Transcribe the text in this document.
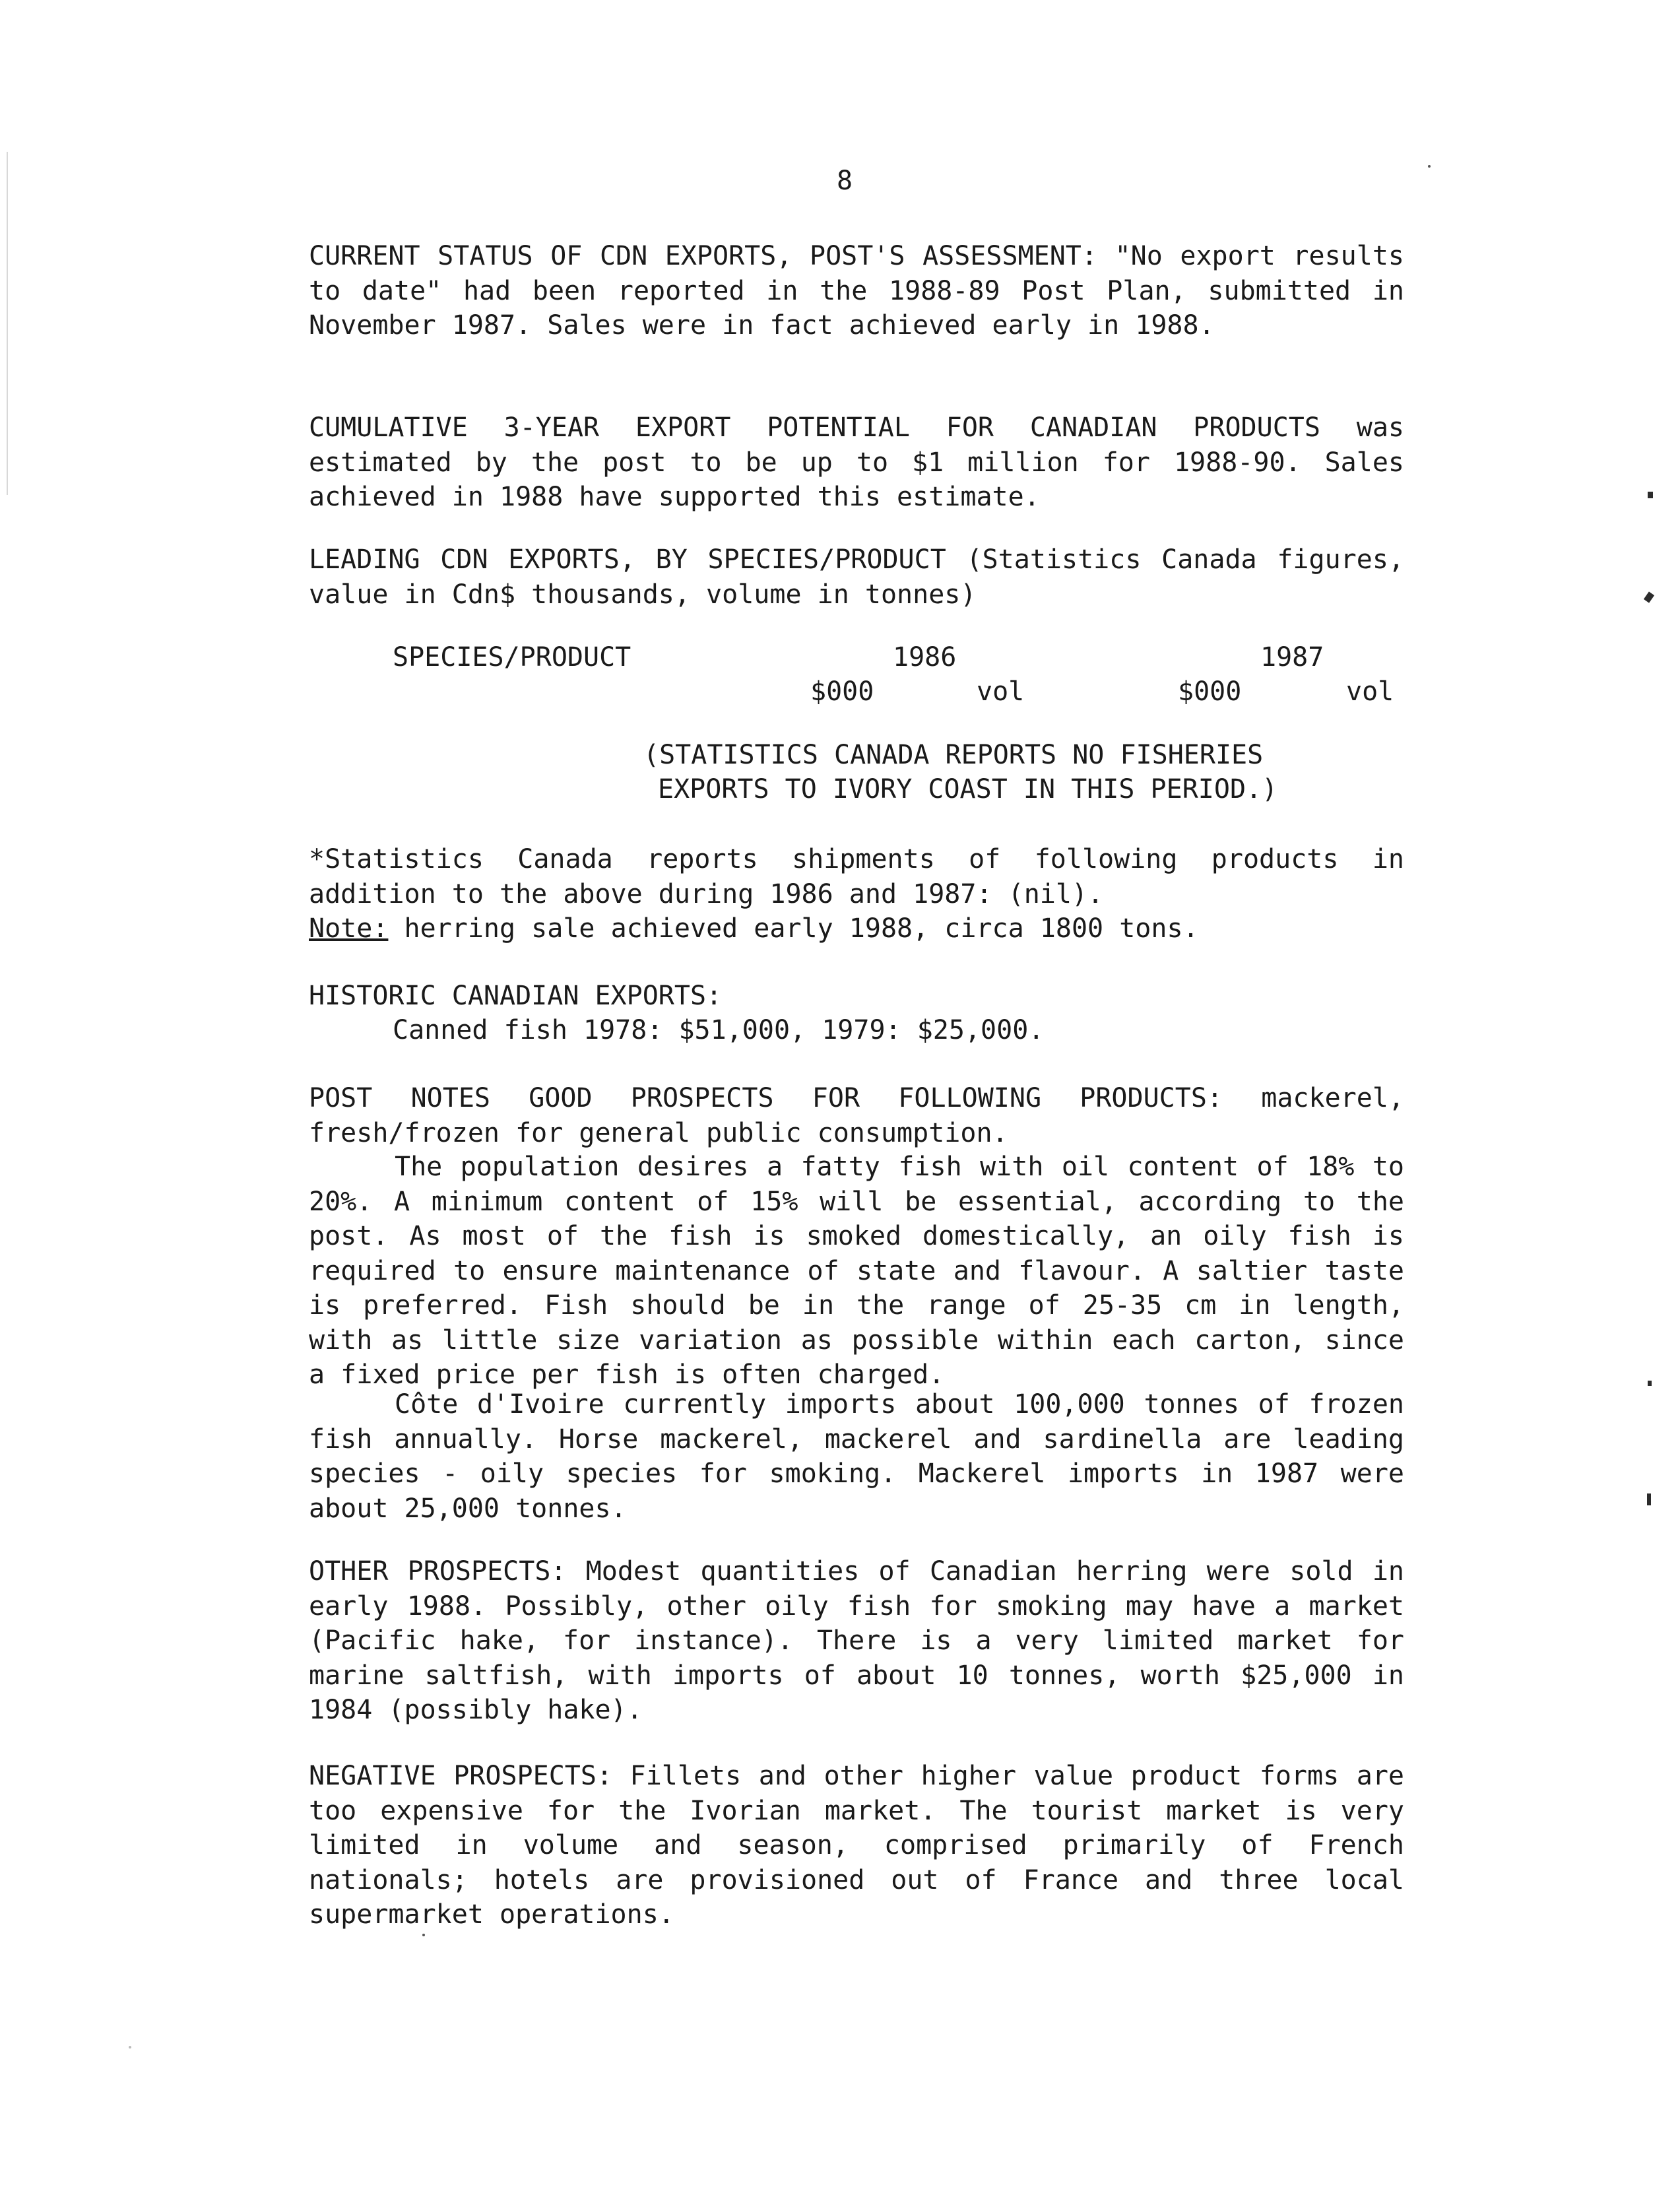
8

CURRENT STATUS OF CDN EXPORTS, POST'S ASSESSMENT: "No export results to date" had been reported in the 1988-89 Post Plan, submitted in November 1987. Sales were in fact achieved early in 1988.

CUMULATIVE 3-YEAR EXPORT POTENTIAL FOR CANADIAN PRODUCTS was estimated by the post to be up to $1 million for 1988-90. Sales achieved in 1988 have supported this estimate.

LEADING CDN EXPORTS, BY SPECIES/PRODUCT (Statistics Canada figures, value in Cdn$ thousands, volume in tonnes)

SPECIES/PRODUCT	1986	1987
$000	vol	$000	vol
(STATISTICS CANADA REPORTS NO FISHERIES
EXPORTS TO IVORY COAST IN THIS PERIOD.)

*Statistics Canada reports shipments of following products in addition to the above during 1986 and 1987: (nil).

Note: herring sale achieved early 1988, circa 1800 tons.

HISTORIC CANADIAN EXPORTS:

Canned fish 1978: $51,000, 1979: $25,000.

POST NOTES GOOD PROSPECTS FOR FOLLOWING PRODUCTS: mackerel, fresh/frozen for general public consumption.

The population desires a fatty fish with oil content of 18% to 20%. A minimum content of 15% will be essential, according to the post. As most of the fish is smoked domestically, an oily fish is required to ensure maintenance of state and flavour. A saltier taste is preferred. Fish should be in the range of 25-35 cm in length, with as little size variation as possible within each carton, since a fixed price per fish is often charged.

Côte d'Ivoire currently imports about 100,000 tonnes of frozen fish annually. Horse mackerel, mackerel and sardinella are leading species - oily species for smoking. Mackerel imports in 1987 were about 25,000 tonnes.

OTHER PROSPECTS: Modest quantities of Canadian herring were sold in early 1988. Possibly, other oily fish for smoking may have a market (Pacific hake, for instance). There is a very limited market for marine saltfish, with imports of about 10 tonnes, worth $25,000 in 1984 (possibly hake).

NEGATIVE PROSPECTS: Fillets and other higher value product forms are too expensive for the Ivorian market. The tourist market is very limited in volume and season, comprised primarily of French nationals; hotels are provisioned out of France and three local supermarket operations.
